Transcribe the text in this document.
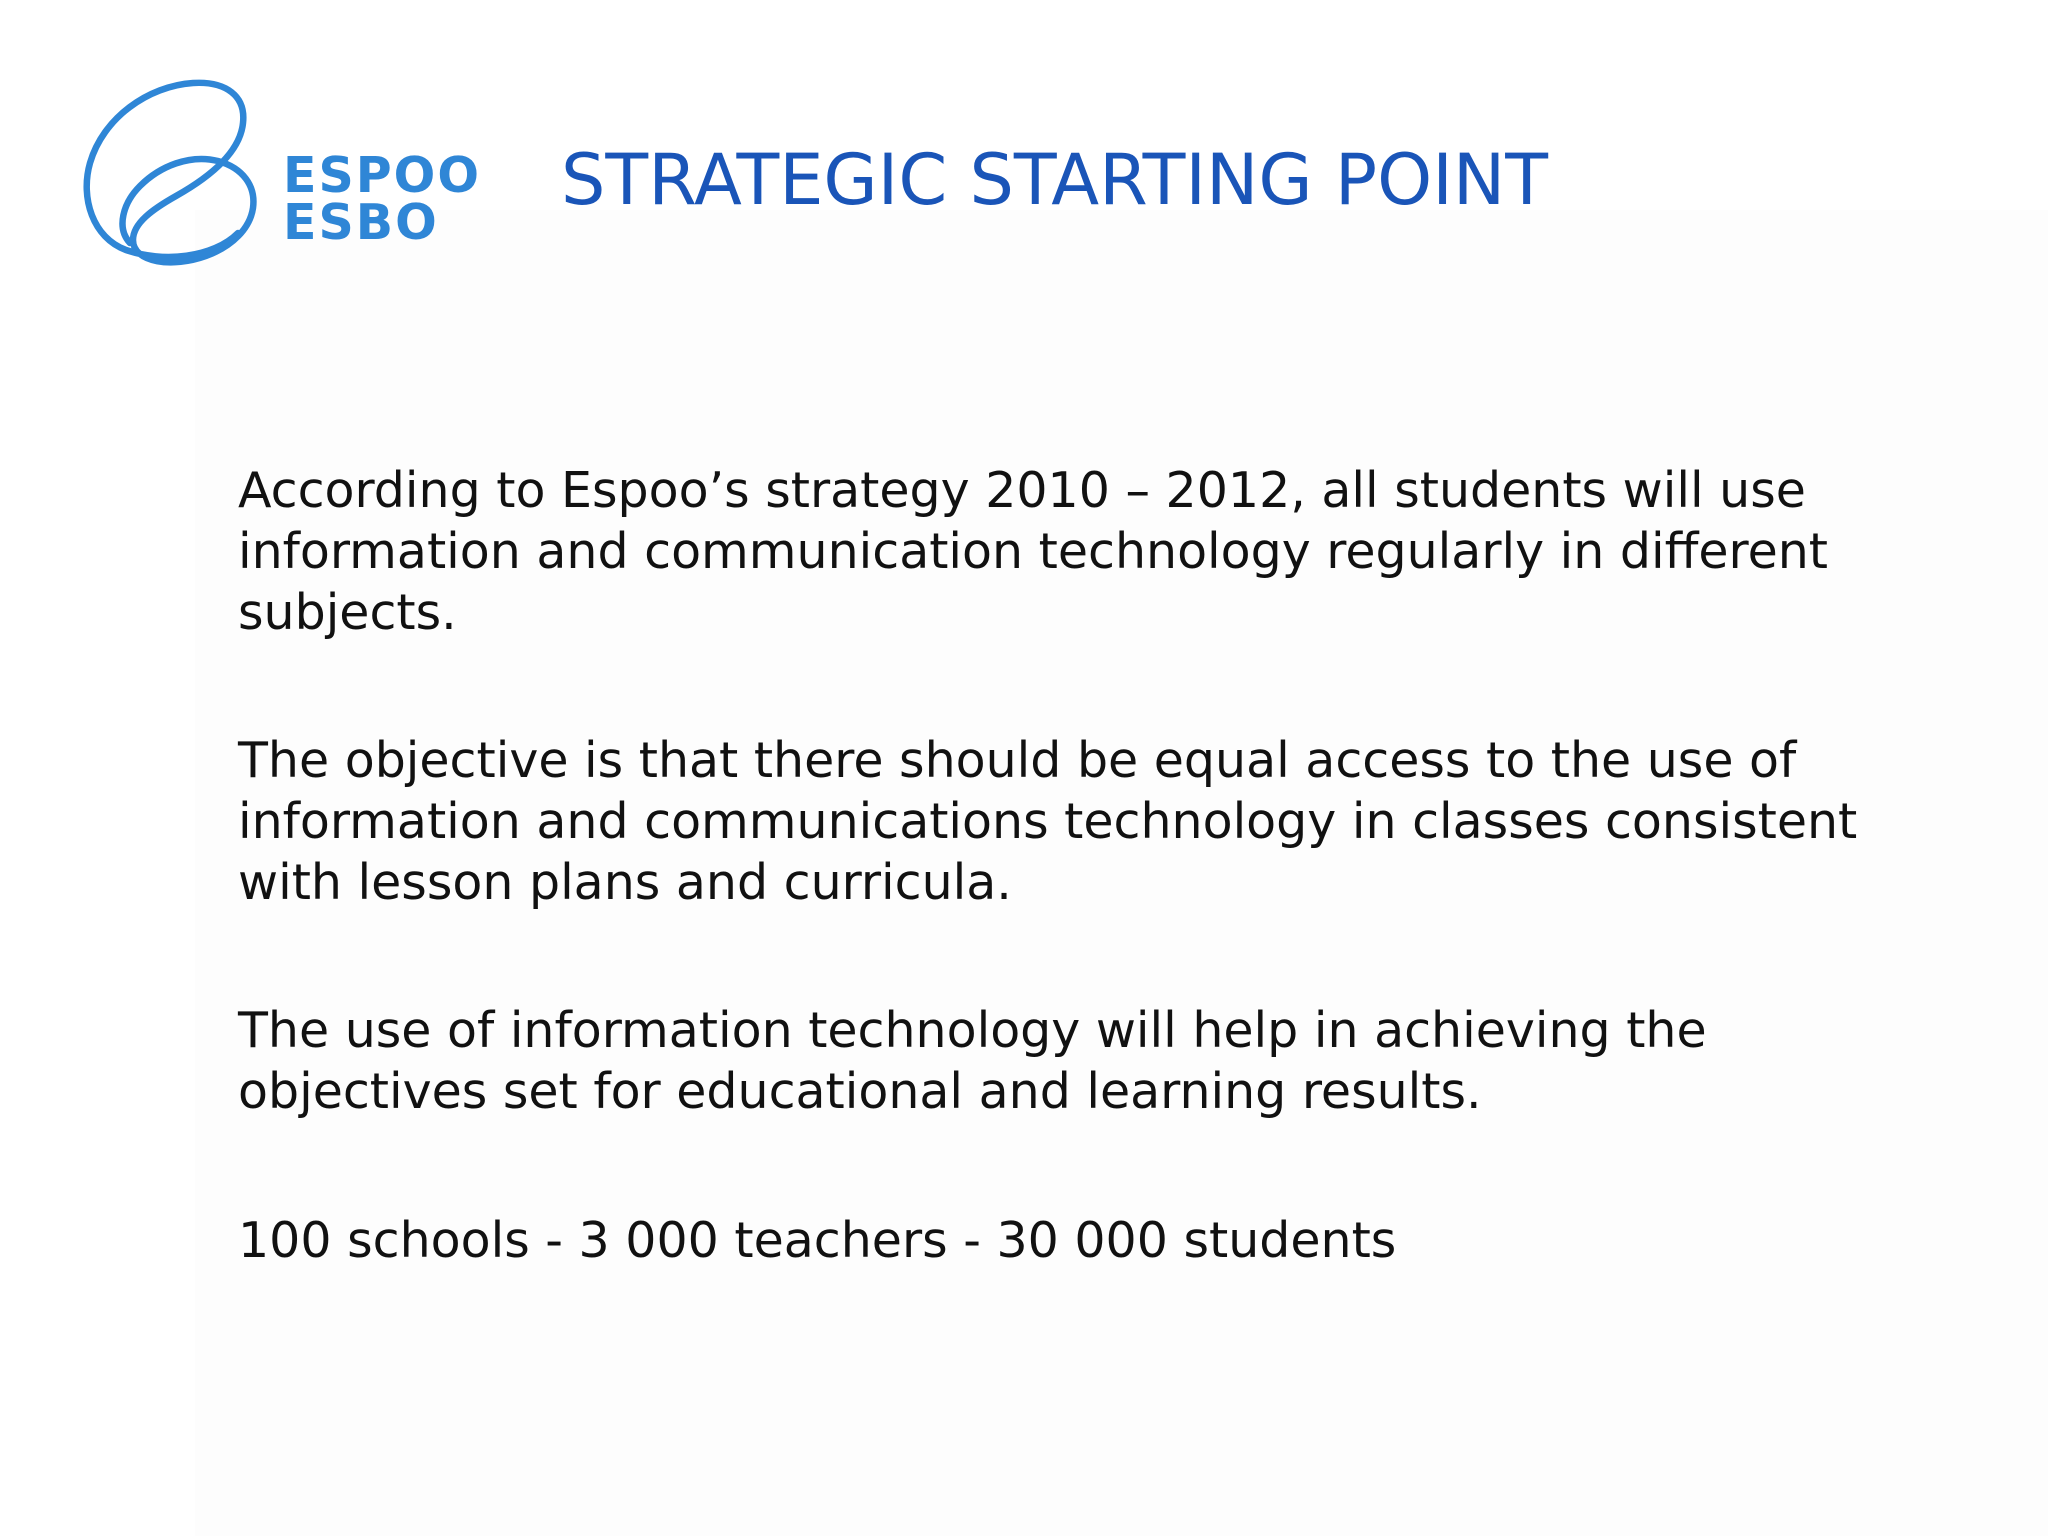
ESPOO
ESBO
STRATEGIC STARTING POINT

According to Espoo’s strategy 2010 – 2012, all students will use
information and communication technology regularly in different
subjects.

The objective is that there should be equal access to the use of
information and communications technology in classes consistent
with lesson plans and curricula.

The use of information technology will help in achieving the
objectives set for educational and learning results.

100 schools - 3 000 teachers - 30 000 students
